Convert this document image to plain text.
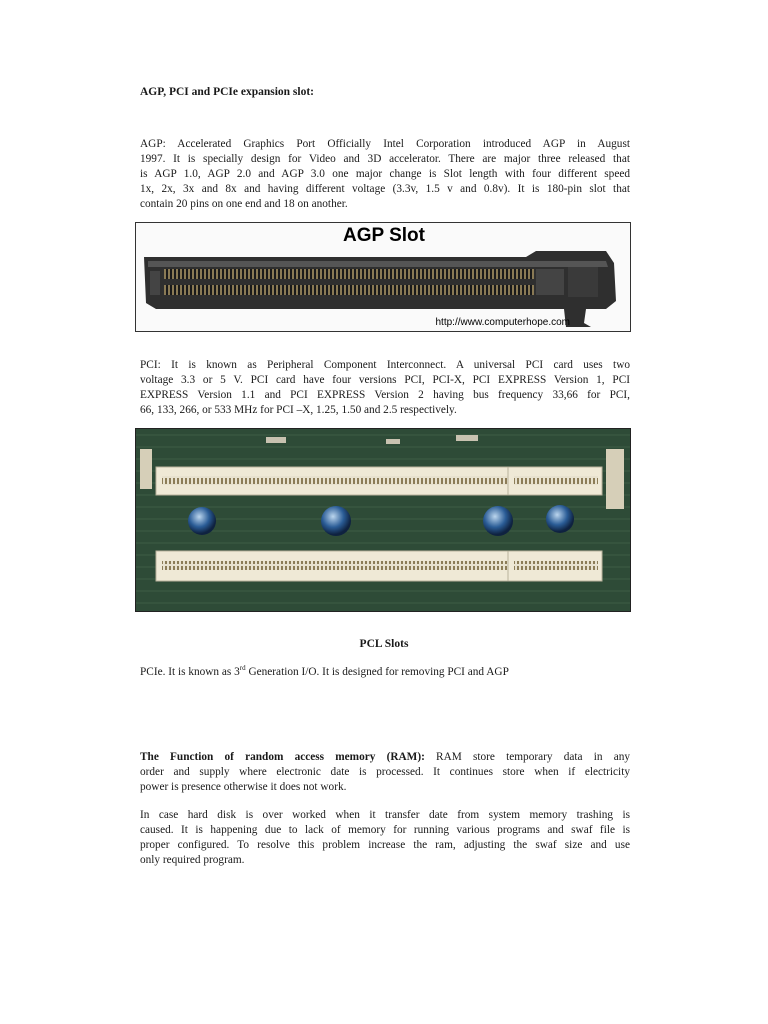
AGP, PCI and PCIe expansion slot:

AGP: Accelerated Graphics Port Officially Intel Corporation introduced AGP in August
1997. It is specially design for Video and 3D accelerator. There are major three released that
is AGP 1.0, AGP 2.0 and AGP 3.0 one major change is Slot length with four different speed
1x, 2x, 3x and 8x and having different voltage (3.3v, 1.5 v and 0.8v). It is 180-pin slot that
contain 20 pins on one end and 18 on another.

AGP Slot
http://www.computerhope.com

PCI: It is known as Peripheral Component Interconnect. A universal PCI card uses two
voltage 3.3 or 5 V. PCI card have four versions PCI, PCI-X, PCI EXPRESS Version 1, PCI
EXPRESS Version 1.1 and PCI EXPRESS Version 2 having bus frequency 33,66 for PCI,
66, 133, 266, or 533 MHz for PCI –X, 1.25, 1.50 and 2.5 respectively.

PCL Slots

PCIe. It is known as 3rd Generation I/O. It is designed for removing PCI and AGP

The Function of random access memory (RAM): RAM store temporary data in any
order and supply where electronic date is processed. It continues store when if electricity
power is presence otherwise it does not work.

In case hard disk is over worked when it transfer date from system memory trashing is
caused. It is happening due to lack of memory for running various programs and swaf file is
proper configured. To resolve this problem increase the ram, adjusting the swaf size and use
only required program.
